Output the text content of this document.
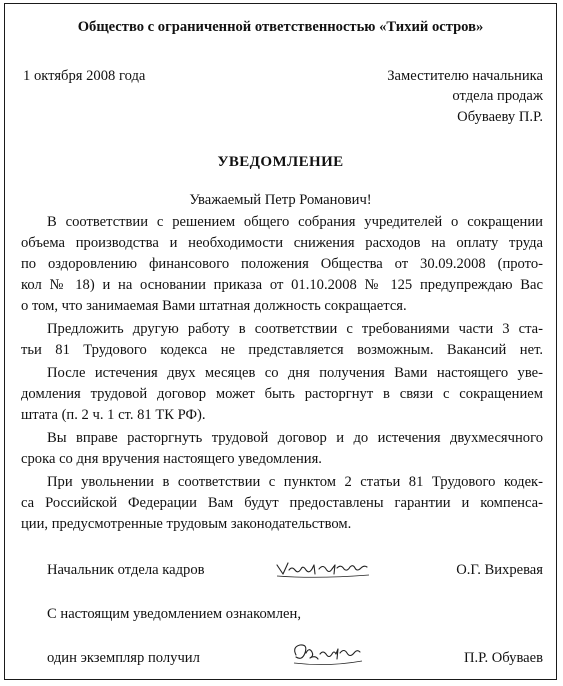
Общество с ограниченной ответственностью «Тихий остров»
1 октября 2008 года	Заместителю начальника
отдела продаж
Обуваеву П.Р.
УВЕДОМЛЕНИЕ
Уважаемый Петр Романович!
В соответствии с решением общего собрания учредителей о сокращении
объема производства и необходимости снижения расходов на оплату труда
по оздоровлению финансового положения Общества от 30.09.2008 (прото-
кол № 18) и на основании приказа от 01.10.2008 № 125 предупреждаю Вас
о том, что занимаемая Вами штатная должность сокращается.
Предложить другую работу в соответствии с требованиями части 3 ста-
тьи 81 Трудового кодекса не представляется возможным. Вакансий нет.
После истечения двух месяцев со дня получения Вами настоящего уве-
домления трудовой договор может быть расторгнут в связи с сокращением
штата (п. 2 ч. 1 ст. 81 ТК РФ).
Вы вправе расторгнуть трудовой договор и до истечения двухмесячного
срока со дня вручения настоящего уведомления.
При увольнении в соответствии с пунктом 2 статьи 81 Трудового кодек-
са Российской Федерации Вам будут предоставлены гарантии и компенса-
ции, предусмотренные трудовым законодательством.
Начальник отдела кадров	О.Г. Вихревая
С настоящим уведомлением ознакомлен,
один экземпляр получил	П.Р. Обуваев
